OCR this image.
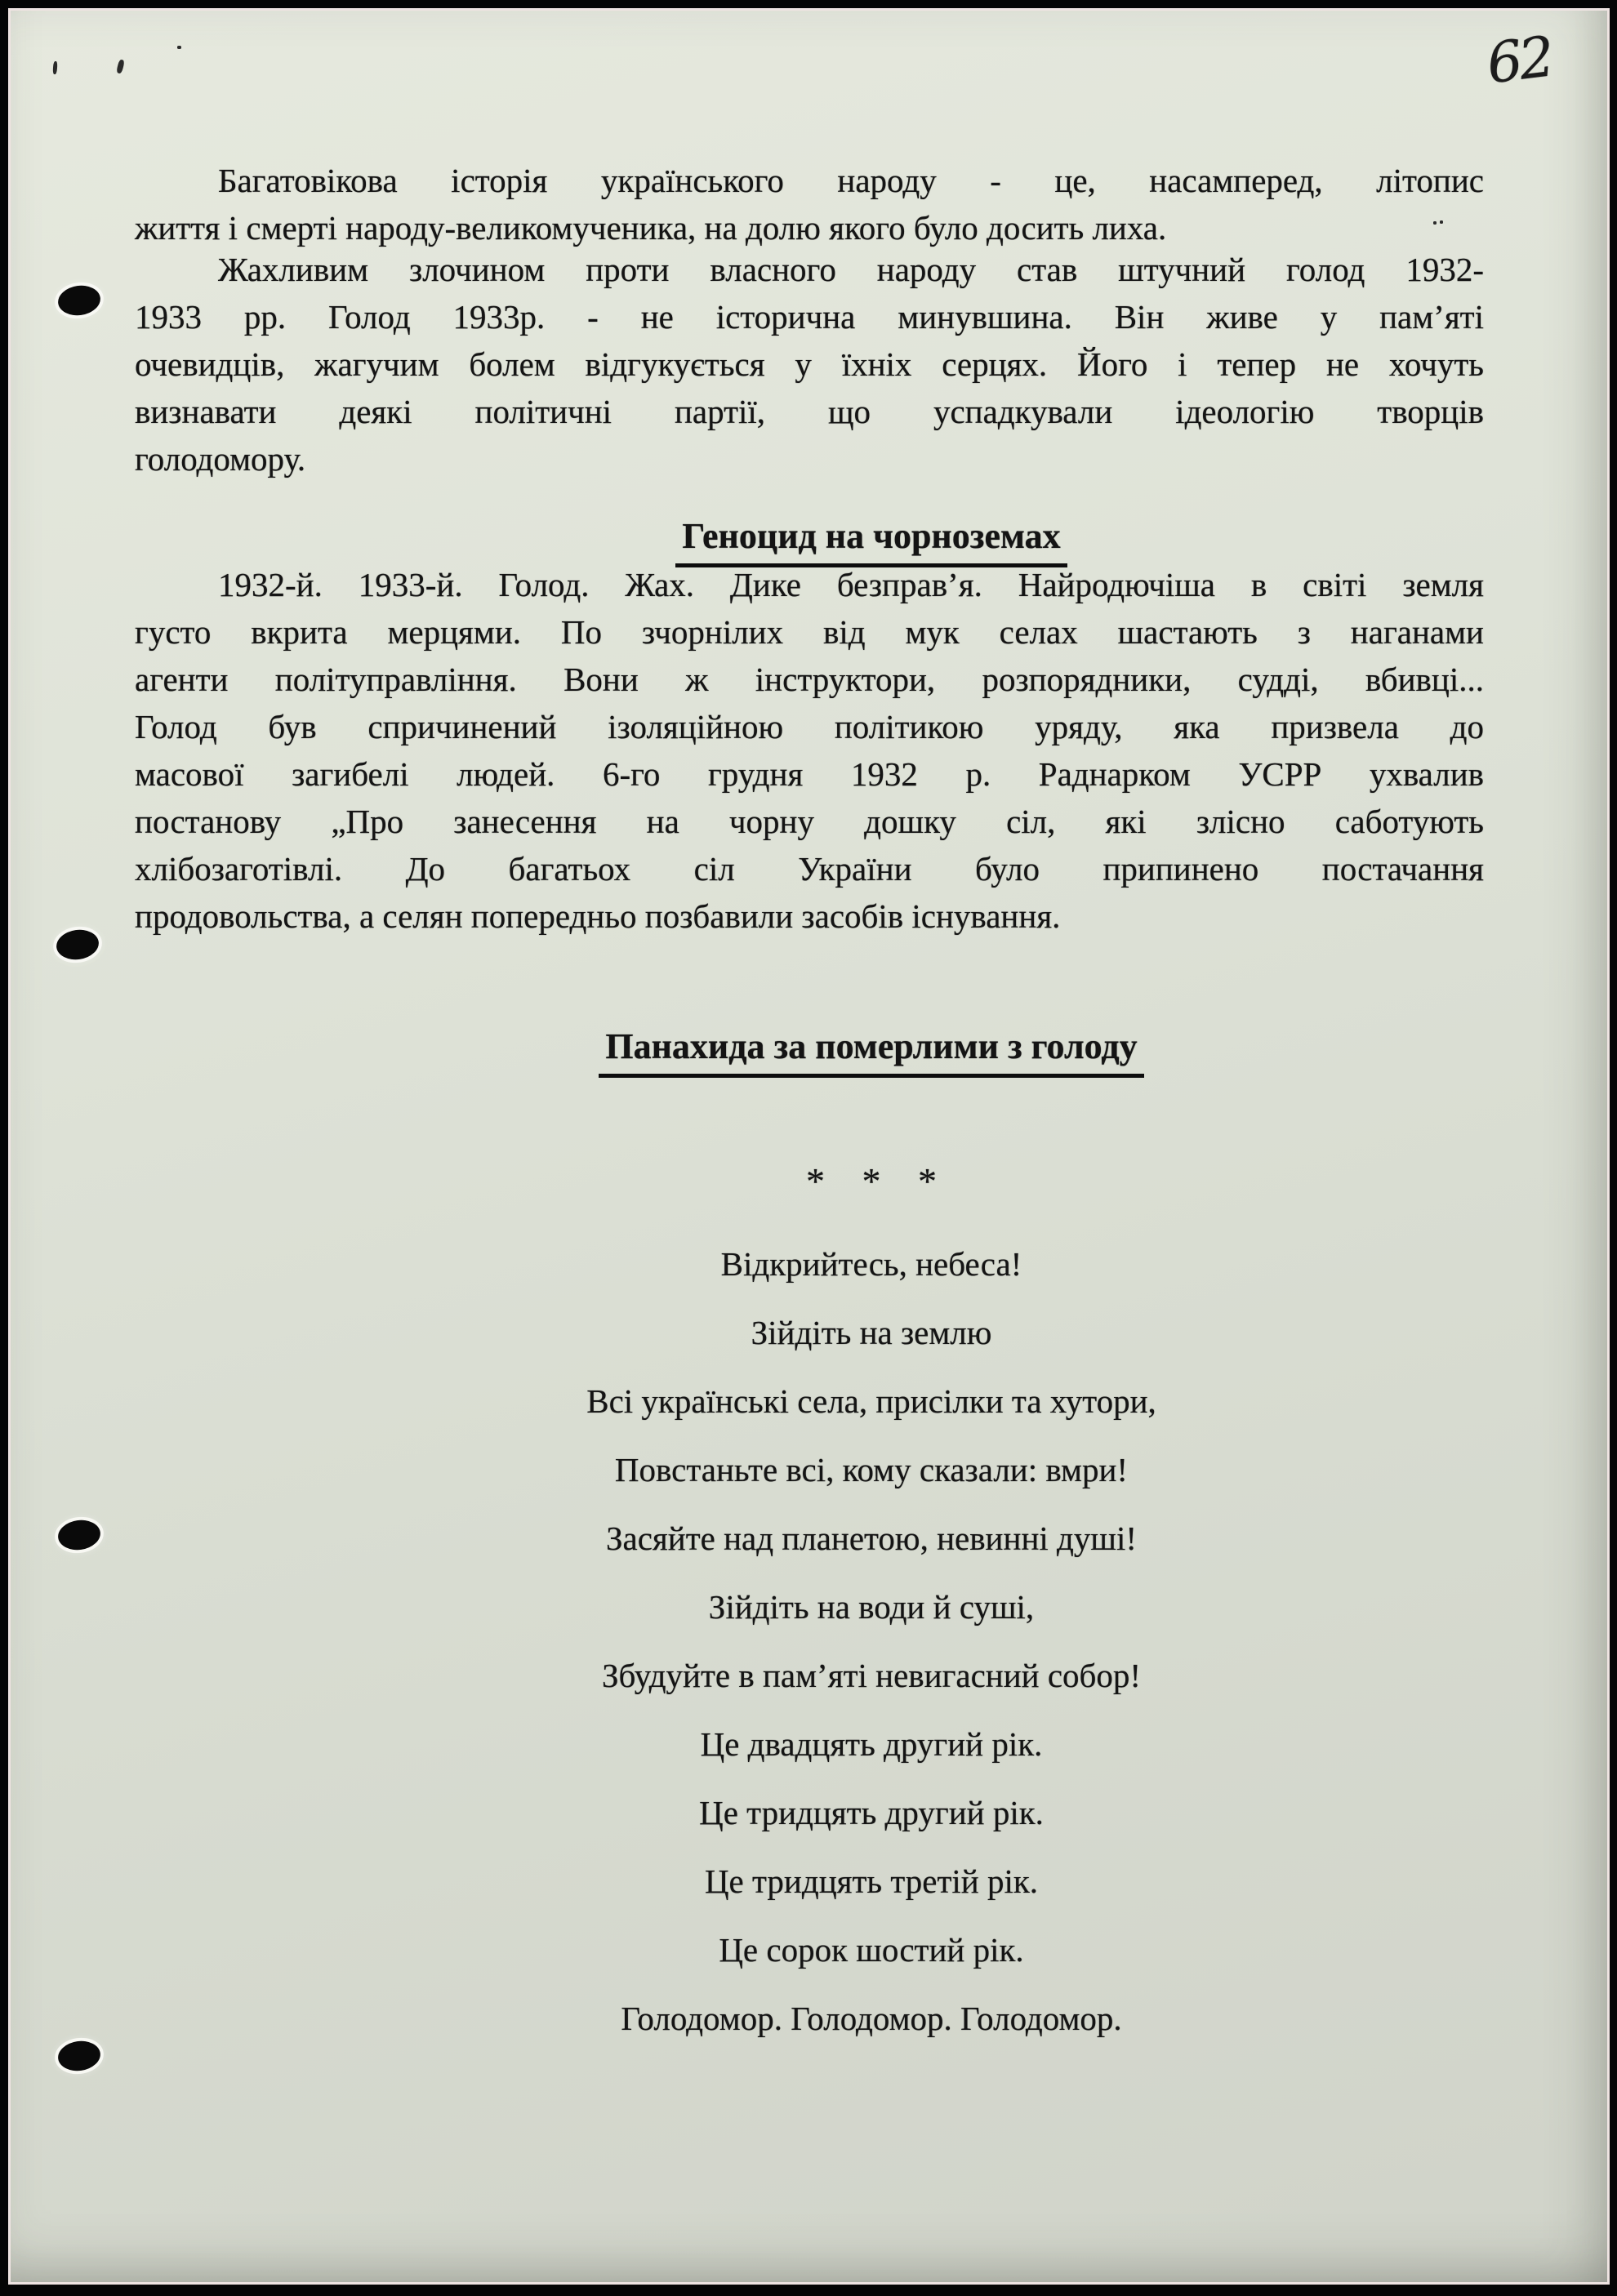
62
Багатовікова історія українського народу - це, насамперед, літопис
життя і смерті народу-великомученика, на долю якого було досить лиха.
Жахливим злочином проти власного народу став штучний голод 1932-
1933 рр. Голод 1933р. - не історична минувшина. Він живе у пам’яті
очевидців, жагучим болем відгукується у їхніх серцях. Його і тепер не хочуть
визнавати деякі політичні партії, що успадкували ідеологію творців
голодомору.
Геноцид на чорноземах
1932-й. 1933-й. Голод. Жах. Дике безправ’я. Найродючіша в світі земля
густо вкрита мерцями. По зчорнілих від мук селах шастають з наганами
агенти політуправління. Вони ж інструктори, розпорядники, судді, вбивці...
Голод був спричинений ізоляційною політикою уряду, яка призвела до
масової загибелі людей. 6-го грудня 1932 р. Раднарком УСРР ухвалив
постанову „Про занесення на чорну дошку сіл, які злісно саботують
хлібозаготівлі. До багатьох сіл України було припинено постачання
продовольства, а селян попередньо позбавили засобів існування.
Панахида за померлими з голоду
* * *
Відкрийтесь, небеса!
Зійдіть на землю
Всі українські села, присілки та хутори,
Повстаньте всі, кому сказали: вмри!
Засяйте над планетою, невинні душі!
Зійдіть на води й суші,
Збудуйте в пам’яті невигасний собор!
Це двадцять другий рік.
Це тридцять другий рік.
Це тридцять третій рік.
Це сорок шостий рік.
Голодомор. Голодомор. Голодомор.
